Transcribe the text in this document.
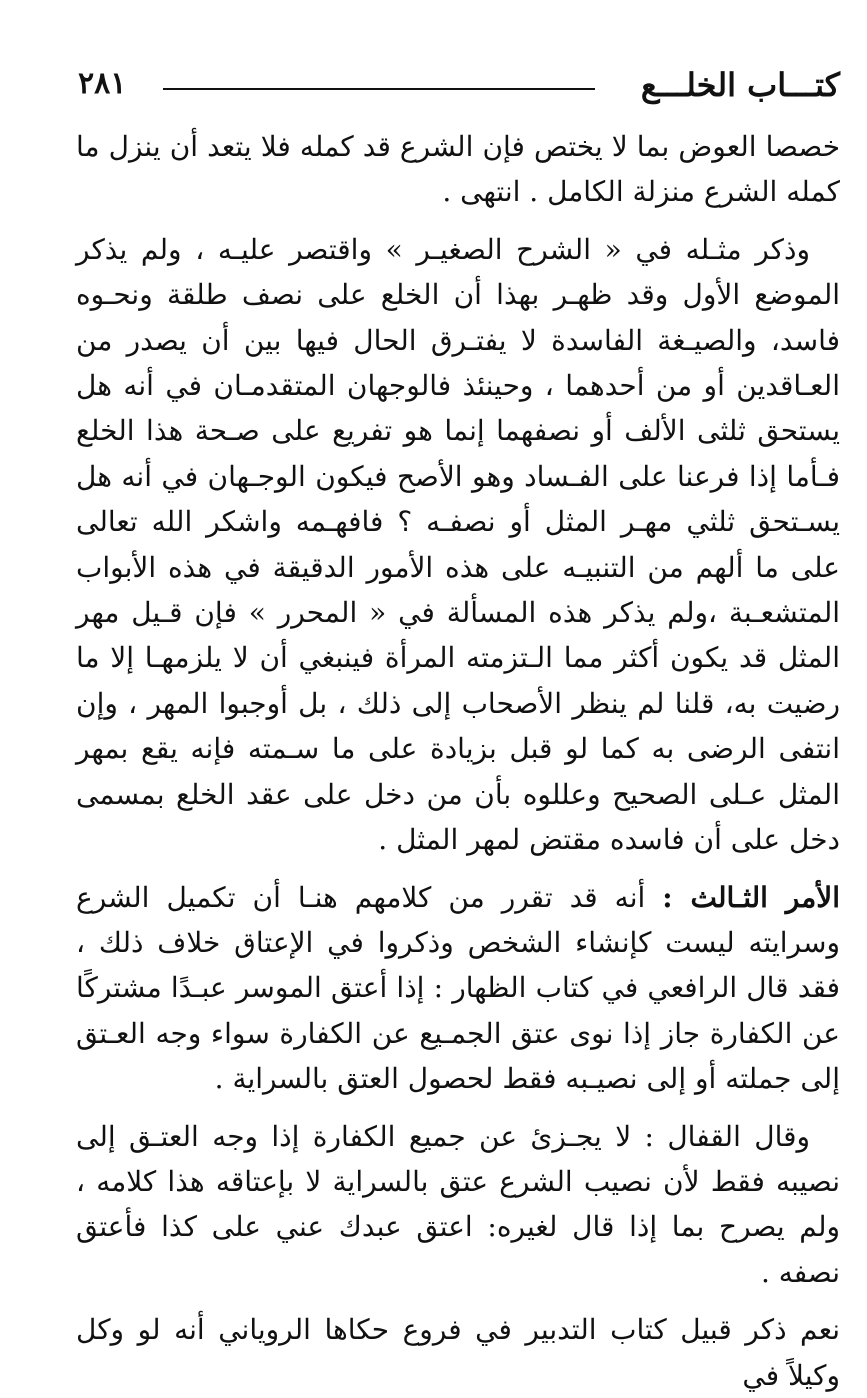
كتـــاب الخلـــع
٢٨١

خصصا العوض بما لا يختص فإن الشرع قد كمله فلا يتعد أن ينزل ما كمله الشرع منزلة الكامل . انتهى .

وذكر مثـله في « الشرح الصغيـر » واقتصر عليـه ، ولم يذكر الموضع الأول وقد ظهـر بهذا أن الخلع على نصف طلقة ونحـوه فاسد، والصيـغة الفاسدة لا يفتـرق الحال فيها بين أن يصدر من العـاقدين أو من أحدهما ، وحينئذ فالوجهان المتقدمـان في أنه هل يستحق ثلثى الألف أو نصفهما إنما هو تفريع على صـحة هذا الخلع فـأما إذا فرعنا على الفـساد وهو الأصح فيكون الوجـهان في أنه هل يسـتحق ثلثي مهـر المثل أو نصفـه ؟ فافهـمه واشكر الله تعالى على ما ألهم من التنبيـه على هذه الأمور الدقيقة في هذه الأبواب المتشعـبة ،ولم يذكر هذه المسألة في « المحرر » فإن قـيل مهر المثل قد يكون أكثر مما الـتزمته المرأة فينبغي أن لا يلزمهـا إلا ما رضيت به، قلنا لم ينظر الأصحاب إلى ذلك ، بل أوجبوا المهر ، وإن انتفى الرضى به كما لو قبل بزيادة على ما سـمته فإنه يقع بمهر المثل عـلى الصحيح وعللوه بأن من دخل على عقد الخلع بمسمى دخل على أن فاسده مقتض لمهر المثل .

الأمر الثـالث : أنه قد تقرر من كلامهم هنـا أن تكميل الشرع وسرايته ليست كإنشاء الشخص وذكروا في الإعتاق خلاف ذلك ، فقد قال الرافعي في كتاب الظهار : إذا أعتق الموسر عبـدًا مشتركًا عن الكفارة جاز إذا نوى عتق الجمـيع عن الكفارة سواء وجه العـتق إلى جملته أو إلى نصيـبه فقط لحصول العتق بالسراية .

وقال القفال : لا يجـزئ عن جميع الكفارة إذا وجه العتـق إلى نصيبه فقط لأن نصيب الشرع عتق بالسراية لا بإعتاقه هذا كلامه ، ولم يصرح بما إذا قال لغيره: اعتق عبدك عني على كذا فأعتق نصفه .

نعم ذكر قبيل كتاب التدبير في فروع حكاها الروياني أنه لو وكل وكيلاً في
